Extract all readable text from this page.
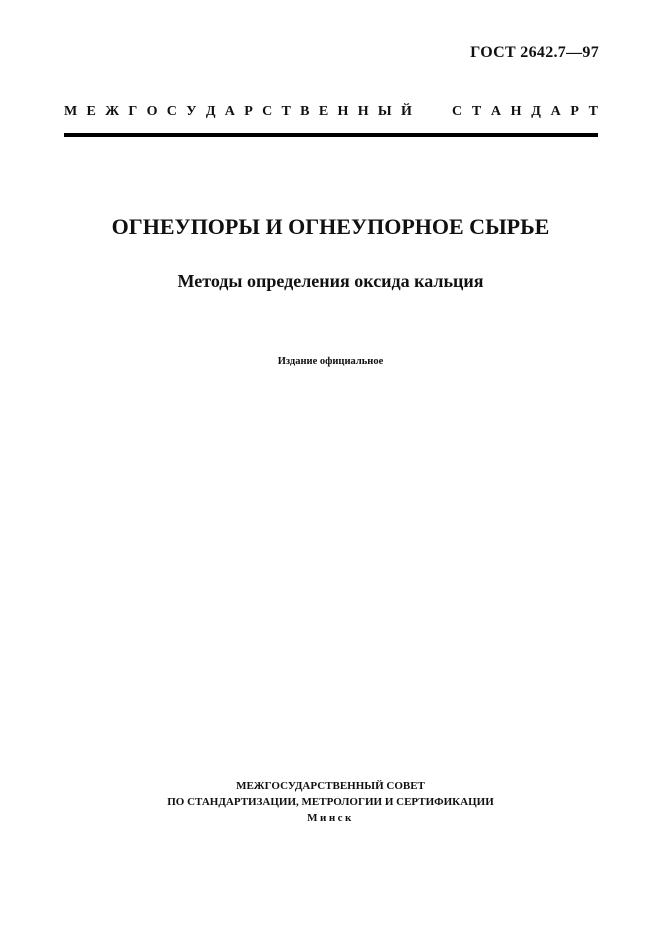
ГОСТ 2642.7—97
М Е Ж Г О С У Д А Р С Т В Е Н Н Ы Й	С Т А Н Д А Р Т
ОГНЕУПОРЫ И ОГНЕУПОРНОЕ СЫРЬЕ
Методы определения оксида кальция
Издание официальное
МЕЖГОСУДАРСТВЕННЫЙ СОВЕТ
ПО СТАНДАРТИЗАЦИИ, МЕТРОЛОГИИ И СЕРТИФИКАЦИИ
Минск
